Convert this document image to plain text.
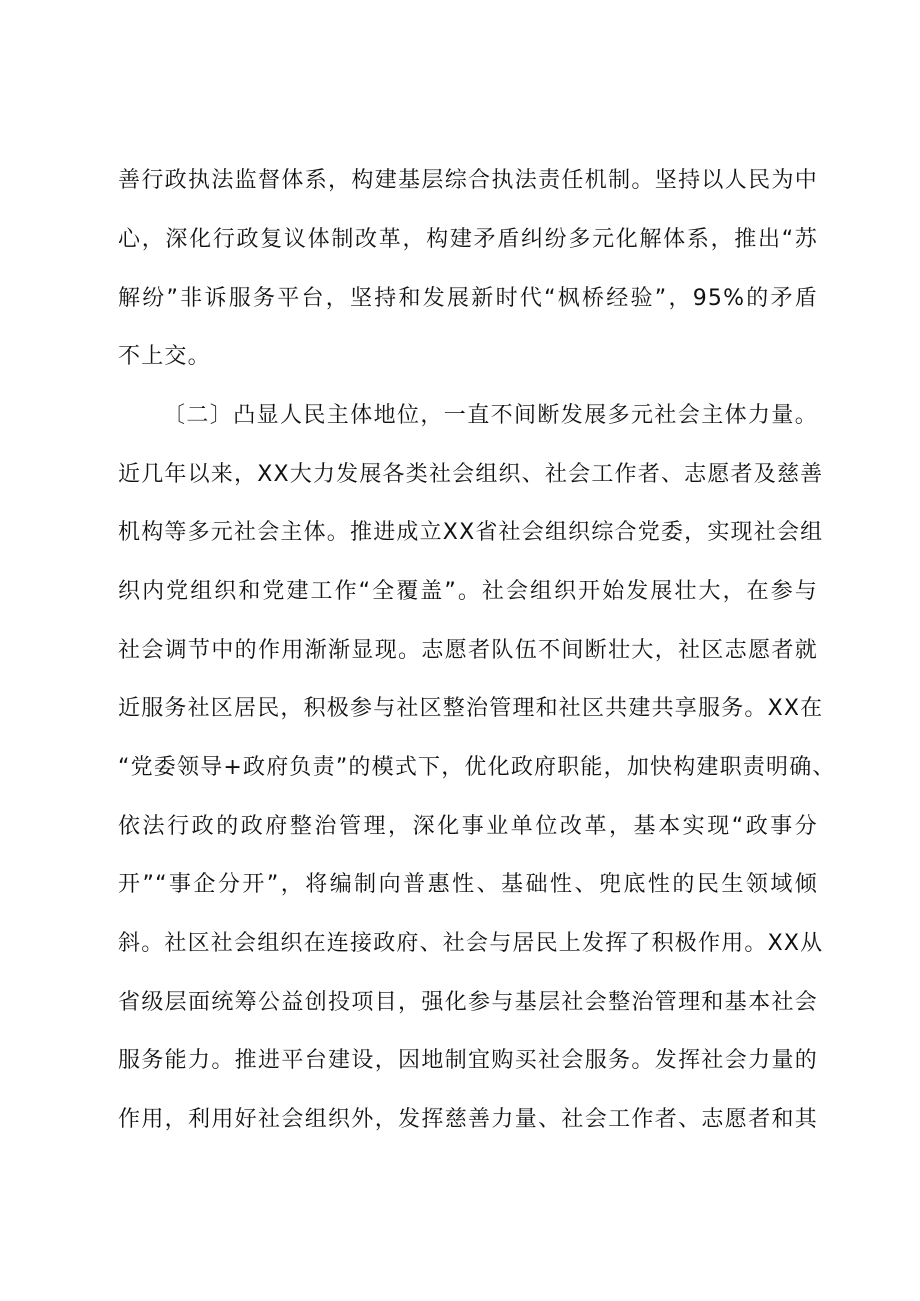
善行政执法监督体系，构建基层综合执法责任机制。坚持以人民为中
心，深化行政复议体制改革，构建矛盾纠纷多元化解体系，推出“苏
解纷”非诉服务平台，坚持和发展新时代“枫桥经验”，95%的矛盾
不上交。
〔二〕凸显人民主体地位，一直不间断发展多元社会主体力量。
近几年以来，XX大力发展各类社会组织、社会工作者、志愿者及慈善
机构等多元社会主体。推进成立XX省社会组织综合党委，实现社会组
织内党组织和党建工作“全覆盖”。社会组织开始发展壮大，在参与
社会调节中的作用渐渐显现。志愿者队伍不间断壮大，社区志愿者就
近服务社区居民，积极参与社区整治管理和社区共建共享服务。XX在
“党委领导+政府负责”的模式下，优化政府职能，加快构建职责明确、
依法行政的政府整治管理，深化事业单位改革，基本实现“政事分
开”“事企分开”，将编制向普惠性、基础性、兜底性的民生领域倾
斜。社区社会组织在连接政府、社会与居民上发挥了积极作用。XX从
省级层面统筹公益创投项目，强化参与基层社会整治管理和基本社会
服务能力。推进平台建设，因地制宜购买社会服务。发挥社会力量的
作用，利用好社会组织外，发挥慈善力量、社会工作者、志愿者和其
